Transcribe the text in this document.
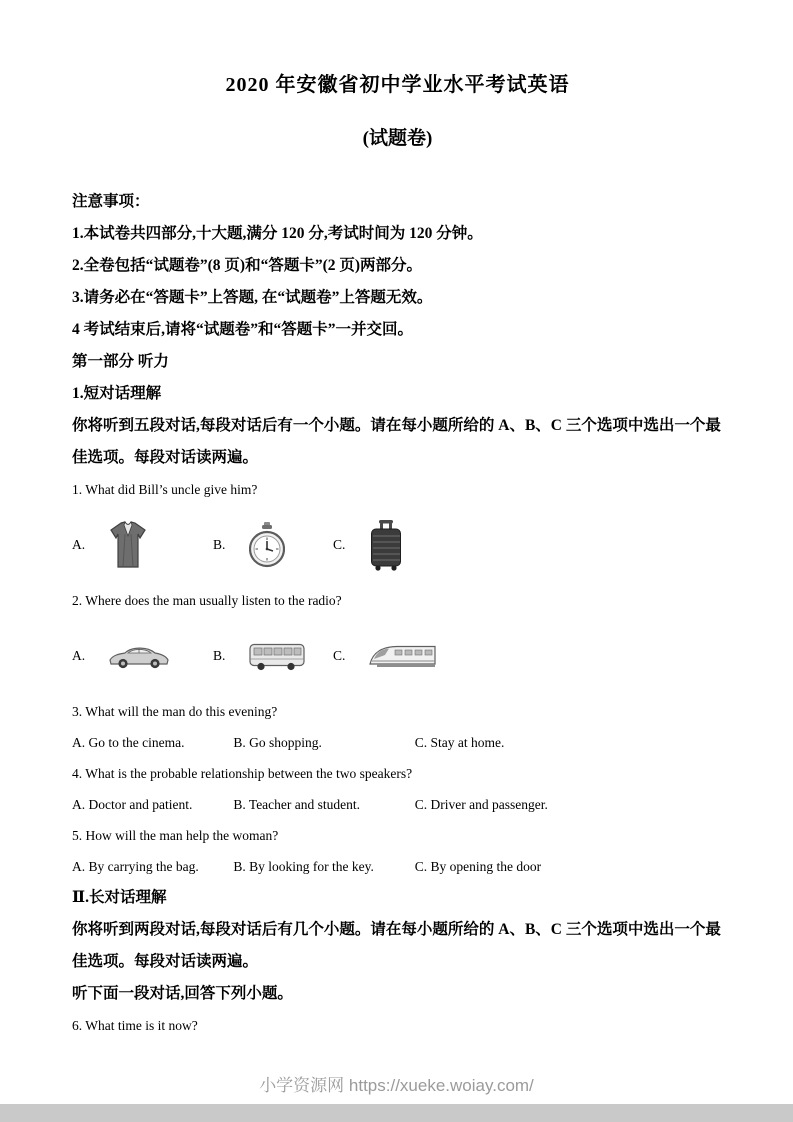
2020 年安徽省初中学业水平考试英语
(试题卷)

注意事项：

1.本试卷共四部分,十大题,满分 120 分,考试时间为 120 分钟。

2.全卷包括“试题卷”(8 页)和“答题卡”(2 页)两部分。

3.请务必在“答题卡”上答题, 在“试题卷”上答题无效。

4 考试结束后,请将“试题卷”和“答题卡”一并交回。

第一部分 听力

1.短对话理解

你将听到五段对话,每段对话后有一个小题。请在每小题所给的 A、B、C 三个选项中选出一个最佳选项。每段对话读两遍。

1. What did Bill’s uncle give him?

A.	B.	C.

2. Where does the man usually listen to the radio?

A.	B.	C.

3. What will the man do this evening?

A. Go to the cinema.	B. Go shopping.	C. Stay at home.

4. What is the probable relationship between the two speakers?

A. Doctor and patient.	B. Teacher and student.	C. Driver and passenger.

5. How will the man help the woman?

A. By carrying the bag.	B. By looking for the key.	C. By opening the door

Ⅱ.长对话理解

你将听到两段对话,每段对话后有几个小题。请在每小题所给的 A、B、C 三个选项中选出一个最佳选项。每段对话读两遍。

听下面一段对话,回答下列小题。

6. What time is it now?

小学资源网 https://xueke.woiay.com/
